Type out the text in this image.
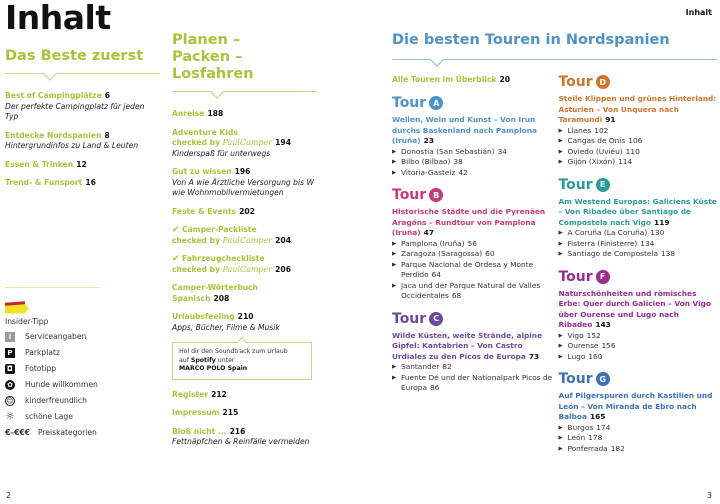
Inhalt	Inhalt
2	3
Das Beste zuerst
Best of Campingplätze 6
Der perfekte Campingplatz für jeden Typ
Entdecke Nordspanien 8
Hintergrundinfos zu Land & Leuten
Essen & Trinken 12
Trend- & Funsport 16
Insider-Tipp
i	Serviceangaben
P	Parkplatz
◘ Fototipp
✿ Hunde willkommen
☺ kinderfreundlich
☼ schöne Lage
€–€€€ Preiskategorien
Planen – Packen – Losfahren
Anreise 188
Adventure Kids
checked by PaulCamper 194
Kinderspaß für unterwegs
Gut zu wissen 196
Von A wie Ärztliche Versorgung bis W wie Wohnmobilvermietungen
Feste & Events 202
✔ Camper-Packliste
checked by PaulCamper 204
✔ Fahrzeugcheckliste
checked by PaulCamper 206
Camper-Wörterbuch
Spanisch 208
Urlaubsfeeling 210
Apps, Bücher, Filme & Musik
Hol dir den Soundtrack zum Urlaub
auf Spotify unter
MARCO POLO Spain
Register 212
Impressum 215
Bloß nicht ... 216
Fettnäpfchen & Reinfälle vermeiden
Die besten Touren in Nordspanien
Alle Touren im Überblick 20
Tour A
Wellen, Wein und Kunst – Von Irun durchs Baskenland nach Pamplona (Iruña) 23
▶ Donostia (San Sebastián) 34
▶ Bilbo (Bilbao) 38
▶ Vitoria-Gasteiz 42
Tour B
Historische Städte und die Pyrenäen Aragóns – Rundtour von Pamplona (Iruña) 47
▶ Pamplona (Iruña) 56
▶ Zaragoza (Saragossa) 60
▶ Parque Nacional de Ordesa y Monte Perdido 64
▶ Jaca und der Parque Natural de Valles Occidentales 68
Tour C
Wilde Küsten, weite Strände, alpine Gipfel: Kantabrien – Von Castro Urdiales zu den Picos de Europa 73
▶ Santander 82
▶ Fuente Dé und der Nationalpark Picos de Europa 86
Tour D
Steile Klippen und grünes Hinterland: Asturien – Von Unquera nach Taramundi 91
▶ Llanes 102
▶ Cangas de Onís 106
▶ Oviedo (Uviéu) 110
▶ Gijón (Xixón) 114
Tour E
Am Westend Europas: Galiciens Küste – Von Ribadeo über Santiago de Compostela nach Vigo 119
▶ A Coruña (La Coruña) 130
▶ Fisterra (Finisterre) 134
▶ Santiago de Compostela 138
Tour F
Naturschönheiten und römisches Erbe: Quer durch Galicien – Von Vigo über Ourense und Lugo nach Ribadeo 143
▶ Vigo 152
▶ Ourense 156
▶ Lugo 160
Tour G
Auf Pilgerspuren durch Kastilien und León – Von Miranda de Ebro nach Balboa 165
▶ Burgos 174
▶ León 178
▶ Ponferrada 182
